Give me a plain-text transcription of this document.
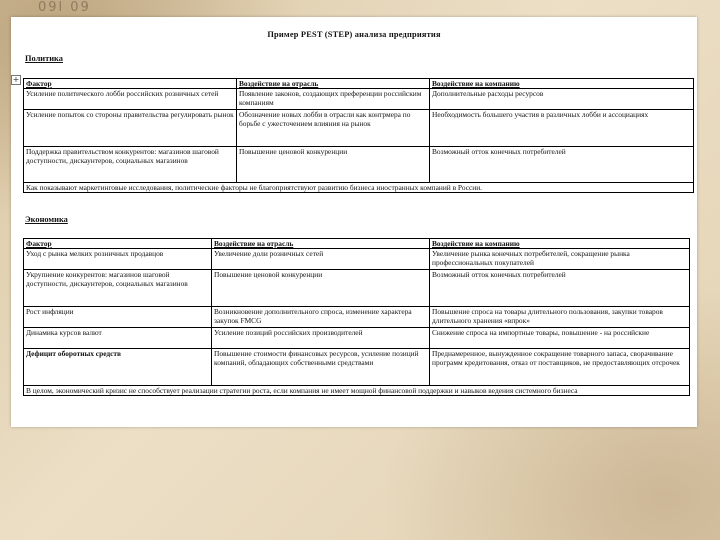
09l 09
Пример PEST (STEP) анализа предприятия
Политика
+ Фактор	Воздействие на отрасль	Воздействие на компанию
Усиление политического лобби российских розничных сетей	Появление законов, создающих преференции российским компаниям	Дополнительные расходы ресурсов
Усиление попыток со стороны правительства регулировать рынок	Обозначение новых лобби в отрасли как контрмера по борьбе с ужесточением влияния на рынок	Необходимость большего участия в различных лобби и ассоциациях
Поддержка правительством конкурентов: магазинов шаговой доступности, дискаунтеров, социальных магазинов	Повышение ценовой конкуренции	Возможный отток конечных потребителей
Как показывают маркетинговые исследования, политические факторы не благоприятствуют развитию бизнеса иностранных компаний в России.		
Экономика
Фактор	Воздействие на отрасль	Воздействие на компанию
Уход с рынка мелких розничных продавцов	Увеличение доли розничных сетей	Увеличение рынка конечных потребителей, сокращение рынка профессиональных покупателей
Укрупнение конкурентов: магазинов шаговой доступности, дискаунтеров, социальных магазинов	Повышение ценовой конкуренции	Возможный отток конечных потребителей
Рост инфляции	Возникновение дополнительного спроса, изменение характера закупок FMCG	Повышение спроса на товары длительного пользования, закупки товаров длительного хранения «впрок»
Динамика курсов валют	Усиление позиций российских производителей	Снижение спроса на импортные товары, повышение - на российские
Дефицит оборотных средств	Повышение стоимости финансовых ресурсов, усиление позиций компаний, обладающих собственными средствами	Преднамеренное, вынужденное сокращение товарного запаса, сворачивание программ кредитования, отказ от поставщиков, не предоставляющих отсрочек
В целом, экономический кризис не способствует реализации стратегии роста, если компания не имеет мощной финансовой поддержки и навыков ведения системного бизнеса		
